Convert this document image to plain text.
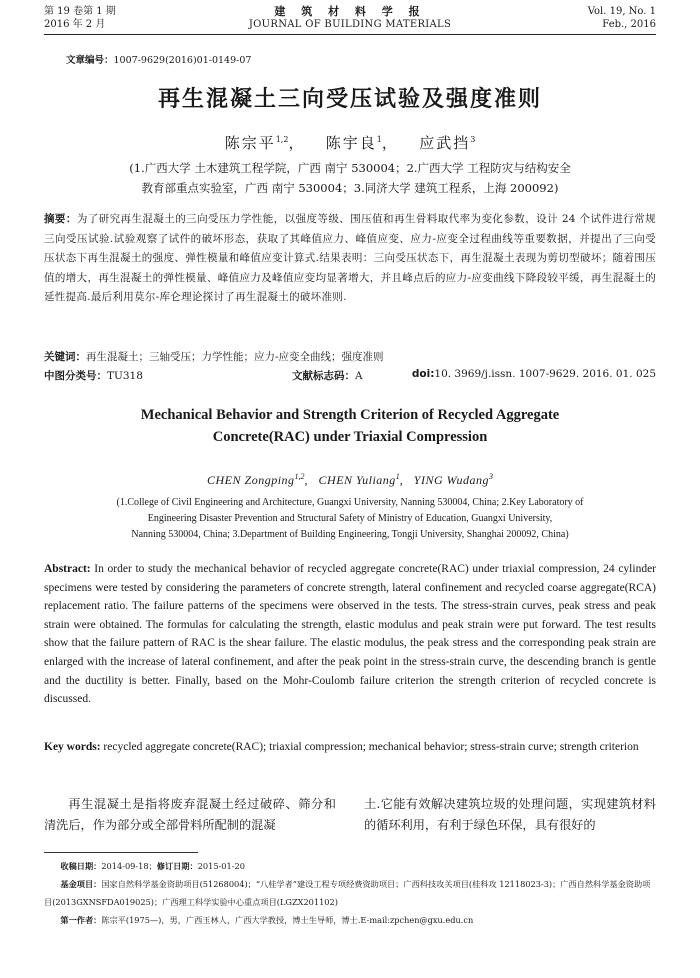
第 19 卷第 1 期
2016 年 2 月
建 筑 材 料 学 报
JOURNAL OF BUILDING MATERIALS
Vol. 19, No. 1
Feb., 2016
文章编号：1007-9629(2016)01-0149-07
再生混凝土三向受压试验及强度准则
陈宗平$^{1,2}$，   陈宇良$^1$，   应武挡$^3$
(1.广西大学 土木建筑工程学院，广西 南宁 530004；2.广西大学 工程防灾与结构安全
教育部重点实验室，广西 南宁 530004；3.同济大学 建筑工程系，上海 200092)
摘要：为了研究再生混凝土的三向受压力学性能，以强度等级、围压值和再生骨料取代率为变化参数，设计 24 个试件进行常规三向受压试验.试验观察了试件的破坏形态，获取了其峰值应力、峰值应变、应力-应变全过程曲线等重要数据，并提出了三向受压状态下再生混凝土的强度、弹性模量和峰值应变计算式.结果表明：三向受压状态下，再生混凝土表现为剪切型破坏；随着围压值的增大，再生混凝土的弹性模量、峰值应力及峰值应变均显著增大，并且峰点后的应力-应变曲线下降段较平缓，再生混凝土的延性提高.最后利用莫尔-库仑理论探讨了再生混凝土的破坏准则.
关键词：再生混凝土；三轴受压；力学性能；应力-应变全曲线；强度准则
中图分类号：TU318	文献标志码：A	doi:10. 3969/j.issn. 1007-9629. 2016. 01. 025
Mechanical Behavior and Strength Criterion of Recycled Aggregate
Concrete(RAC) under Triaxial Compression
CHEN Zongping$^{1,2}$,   CHEN Yuliang$^1$,   YING Wudang$^3$
(1.College of Civil Engineering and Architecture, Guangxi University, Nanning 530004, China; 2.Key Laboratory of
Engineering Disaster Prevention and Structural Safety of Ministry of Education, Guangxi University,
Nanning 530004, China; 3.Department of Building Engineering, Tongji University, Shanghai 200092, China)
Abstract: In order to study the mechanical behavior of recycled aggregate concrete(RAC) under triaxial compression, 24 cylinder specimens were tested by considering the parameters of concrete strength, lateral confinement and recycled coarse aggregate(RCA) replacement ratio. The failure patterns of the specimens were observed in the tests. The stress-strain curves, peak stress and peak strain were obtained. The formulas for calculating the strength, elastic modulus and peak strain were put forward. The test results show that the failure pattern of RAC is the shear failure. The elastic modulus, the peak stress and the corresponding peak strain are enlarged with the increase of lateral confinement, and after the peak point in the stress-strain curve, the descending branch is gentle and the ductility is better. Finally, based on the Mohr-Coulomb failure criterion the strength criterion of recycled concrete is discussed.
Key words: recycled aggregate concrete(RAC); triaxial compression; mechanical behavior; stress-strain curve; strength criterion
再生混凝土是指将废弃混凝土经过破碎、筛分和清洗后，作为部分或全部骨料所配制的混凝
土.它能有效解决建筑垃圾的处理问题，实现建筑材料的循环利用，有利于绿色环保，具有很好的
收稿日期：2014-09-18；修订日期：2015-01-20
基金项目：国家自然科学基金资助项目(51268004)；“八桂学者”建设工程专项经费资助项目；广西科技攻关项目(桂科攻 12118023-3)；广西自然科学基金资助项目(2013GXNSFDA019025)；广西理工科学实验中心重点项目(LGZX201102)
第一作者：陈宗平(1975—)，男，广西玉林人，广西大学教授，博士生导师，博士.E-mail:zpchen@gxu.edu.cn
